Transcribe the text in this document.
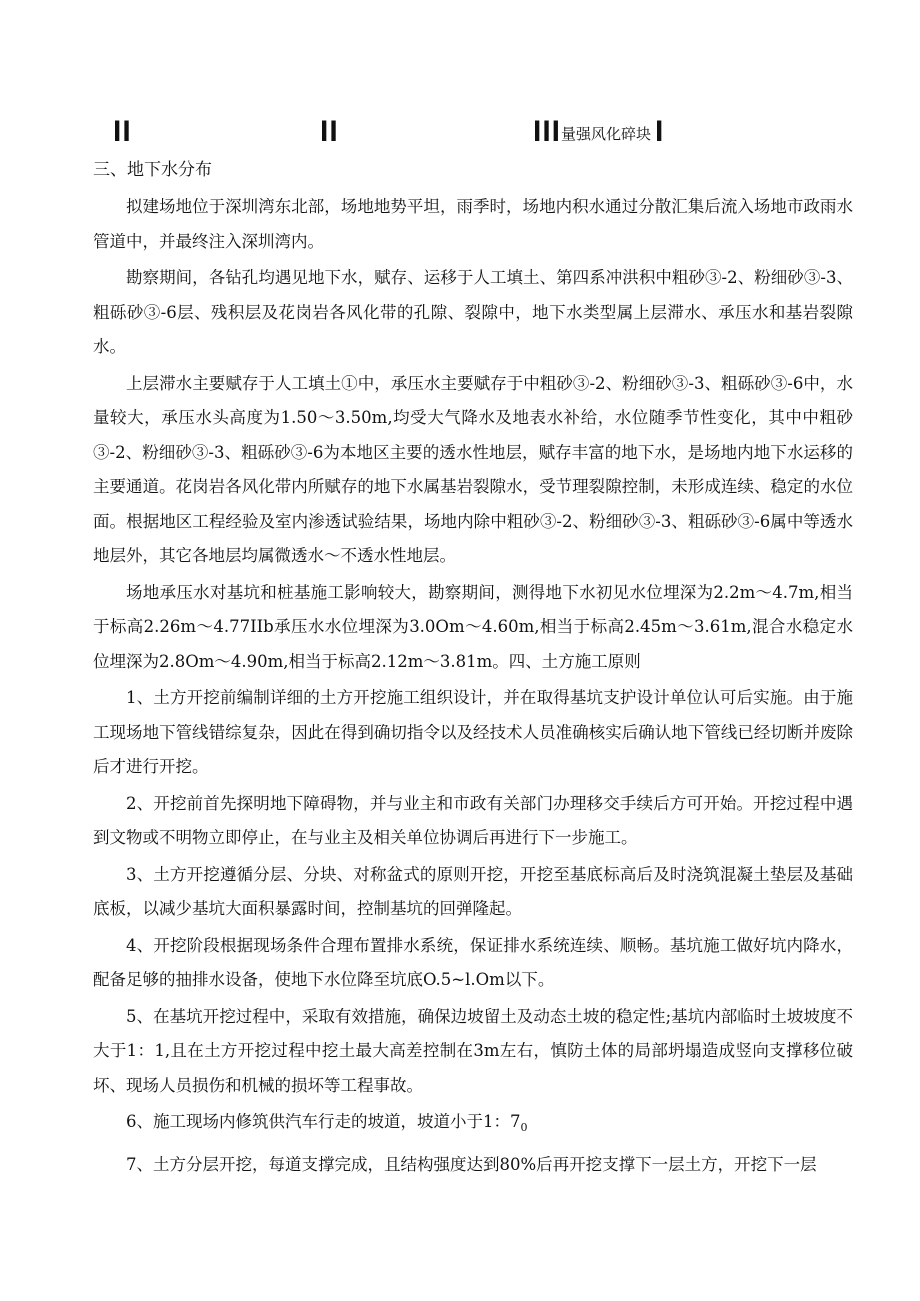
II	II	III 量强风化碎块 I
三、地下水分布

拟建场地位于深圳湾东北部，场地地势平坦，雨季时，场地内积水通过分散汇集后流入场地市政雨水管道中，并最终注入深圳湾内。

勘察期间，各钻孔均遇见地下水，赋存、运移于人工填土、第四系冲洪积中粗砂③-2、粉细砂③-3、粗砾砂③-6层、残积层及花岗岩各风化带的孔隙、裂隙中，地下水类型属上层滞水、承压水和基岩裂隙水。

上层滞水主要赋存于人工填土①中，承压水主要赋存于中粗砂③-2、粉细砂③-3、粗砾砂③-6中，水量较大，承压水头高度为1.50～3.50m,均受大气降水及地表水补给，水位随季节性变化，其中中粗砂③-2、粉细砂③-3、粗砾砂③-6为本地区主要的透水性地层，赋存丰富的地下水，是场地内地下水运移的主要通道。花岗岩各风化带内所赋存的地下水属基岩裂隙水，受节理裂隙控制，未形成连续、稳定的水位面。根据地区工程经验及室内渗透试验结果，场地内除中粗砂③-2、粉细砂③-3、粗砾砂③-6属中等透水地层外，其它各地层均属微透水～不透水性地层。

场地承压水对基坑和桩基施工影响较大，勘察期间，测得地下水初见水位埋深为2.2m～4.7m,相当于标高2.26m～4.77IIb承压水水位埋深为3.0Om～4.60m,相当于标高2.45m～3.61m,混合水稳定水位埋深为2.8Om～4.90m,相当于标高2.12m～3.81m。四、土方施工原则

1、土方开挖前编制详细的土方开挖施工组织设计，并在取得基坑支护设计单位认可后实施。由于施工现场地下管线错综复杂，因此在得到确切指令以及经技术人员准确核实后确认地下管线已经切断并废除后才进行开挖。

2、开挖前首先探明地下障碍物，并与业主和市政有关部门办理移交手续后方可开始。开挖过程中遇到文物或不明物立即停止，在与业主及相关单位协调后再进行下一步施工。

3、土方开挖遵循分层、分块、对称盆式的原则开挖，开挖至基底标高后及时浇筑混凝土垫层及基础底板，以减少基坑大面积暴露时间，控制基坑的回弹隆起。

4、开挖阶段根据现场条件合理布置排水系统，保证排水系统连续、顺畅。基坑施工做好坑内降水，配备足够的抽排水设备，使地下水位降至坑底O.5~l.Om以下。

5、在基坑开挖过程中，采取有效措施，确保边坡留土及动态土坡的稳定性;基坑内部临时土坡坡度不大于1：1,且在土方开挖过程中挖土最大高差控制在3m左右，慎防土体的局部坍塌造成竖向支撑移位破坏、现场人员损伤和机械的损坏等工程事故。

6、施工现场内修筑供汽车行走的坡道，坡道小于1：$7_0$

7、土方分层开挖，每道支撑完成，且结构强度达到80%后再开挖支撑下一层土方，开挖下一层
